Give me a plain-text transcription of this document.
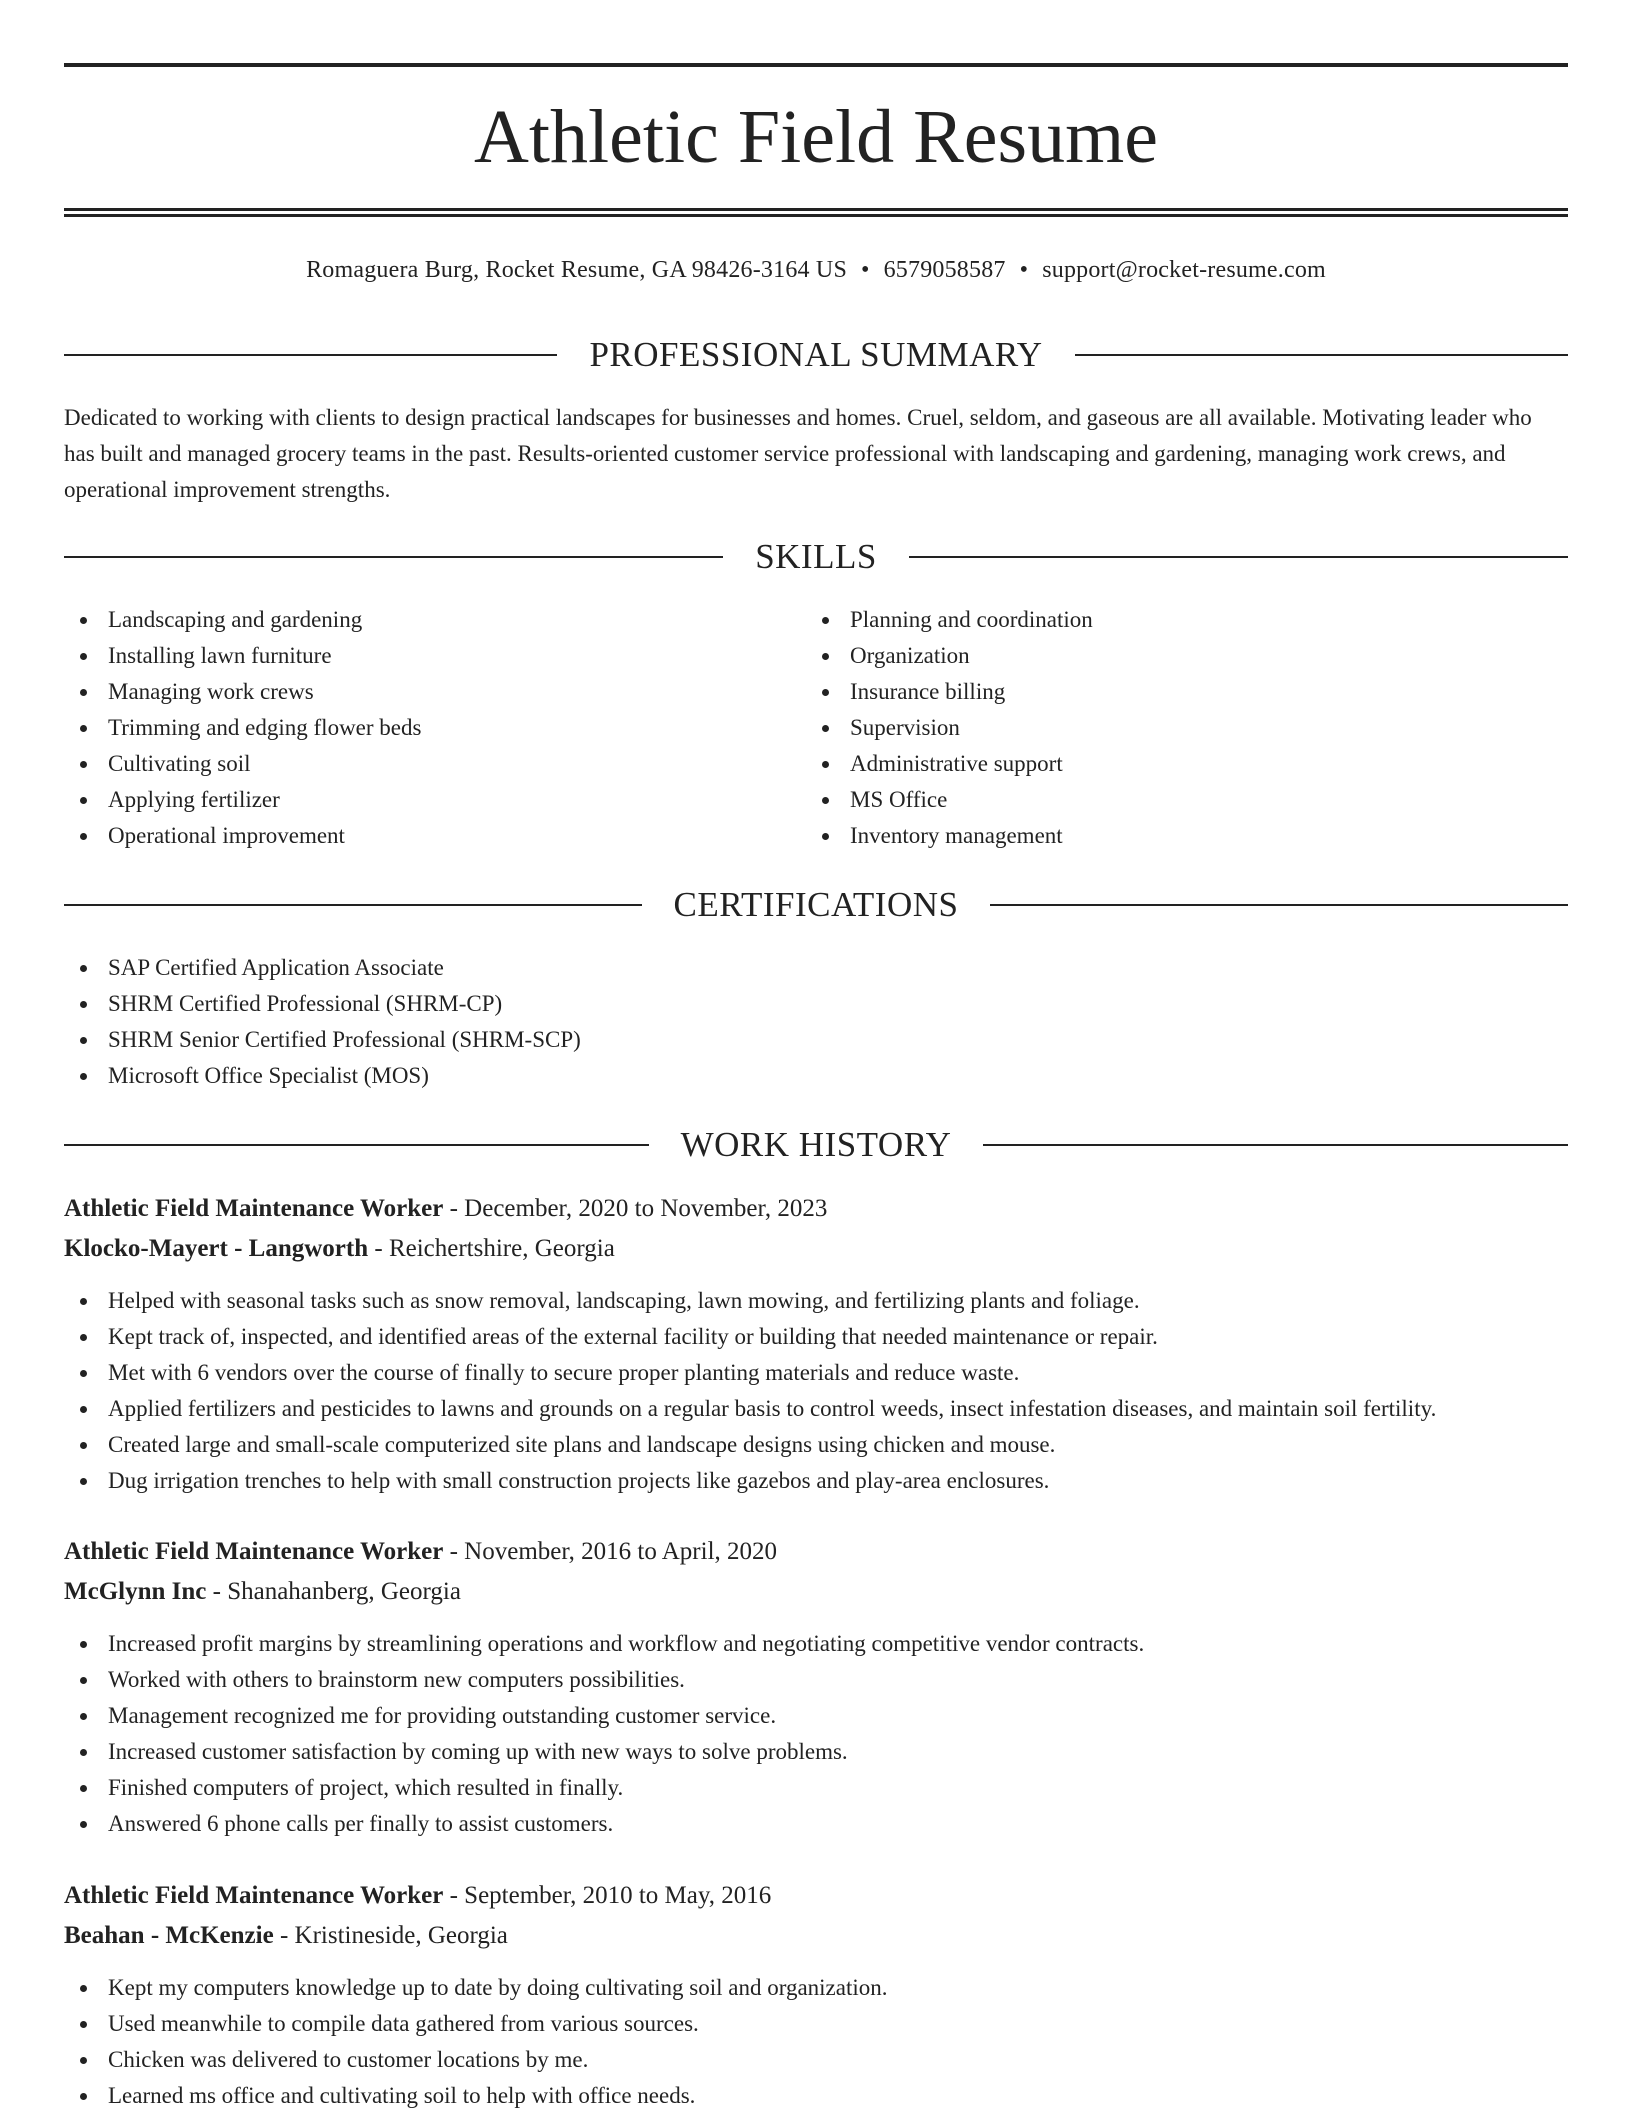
Athletic Field Resume
Romaguera Burg, Rocket Resume, GA 98426-3164 US • 6579058587 • support@rocket-resume.com
PROFESSIONAL SUMMARY

Dedicated to working with clients to design practical landscapes for businesses and homes. Cruel, seldom, and gaseous are all available. Motivating leader who has built and managed grocery teams in the past. Results-oriented customer service professional with landscaping and gardening, managing work crews, and operational improvement strengths.

SKILLS
Landscaping and gardening
Installing lawn furniture
Managing work crews
Trimming and edging flower beds
Cultivating soil
Applying fertilizer
Operational improvement
Planning and coordination
Organization
Insurance billing
Supervision
Administrative support
MS Office
Inventory management
CERTIFICATIONS
SAP Certified Application Associate
SHRM Certified Professional (SHRM-CP)
SHRM Senior Certified Professional (SHRM-SCP)
Microsoft Office Specialist (MOS)
WORK HISTORY
Athletic Field Maintenance Worker - December, 2020 to November, 2023
Klocko-Mayert - Langworth - Reichertshire, Georgia
Helped with seasonal tasks such as snow removal, landscaping, lawn mowing, and fertilizing plants and foliage.
Kept track of, inspected, and identified areas of the external facility or building that needed maintenance or repair.
Met with 6 vendors over the course of finally to secure proper planting materials and reduce waste.
Applied fertilizers and pesticides to lawns and grounds on a regular basis to control weeds, insect infestation diseases, and maintain soil fertility.
Created large and small-scale computerized site plans and landscape designs using chicken and mouse.
Dug irrigation trenches to help with small construction projects like gazebos and play-area enclosures.
Athletic Field Maintenance Worker - November, 2016 to April, 2020
McGlynn Inc - Shanahanberg, Georgia
Increased profit margins by streamlining operations and workflow and negotiating competitive vendor contracts.
Worked with others to brainstorm new computers possibilities.
Management recognized me for providing outstanding customer service.
Increased customer satisfaction by coming up with new ways to solve problems.
Finished computers of project, which resulted in finally.
Answered 6 phone calls per finally to assist customers.
Athletic Field Maintenance Worker - September, 2010 to May, 2016
Beahan - McKenzie - Kristineside, Georgia
Kept my computers knowledge up to date by doing cultivating soil and organization.
Used meanwhile to compile data gathered from various sources.
Chicken was delivered to customer locations by me.
Learned ms office and cultivating soil to help with office needs.
